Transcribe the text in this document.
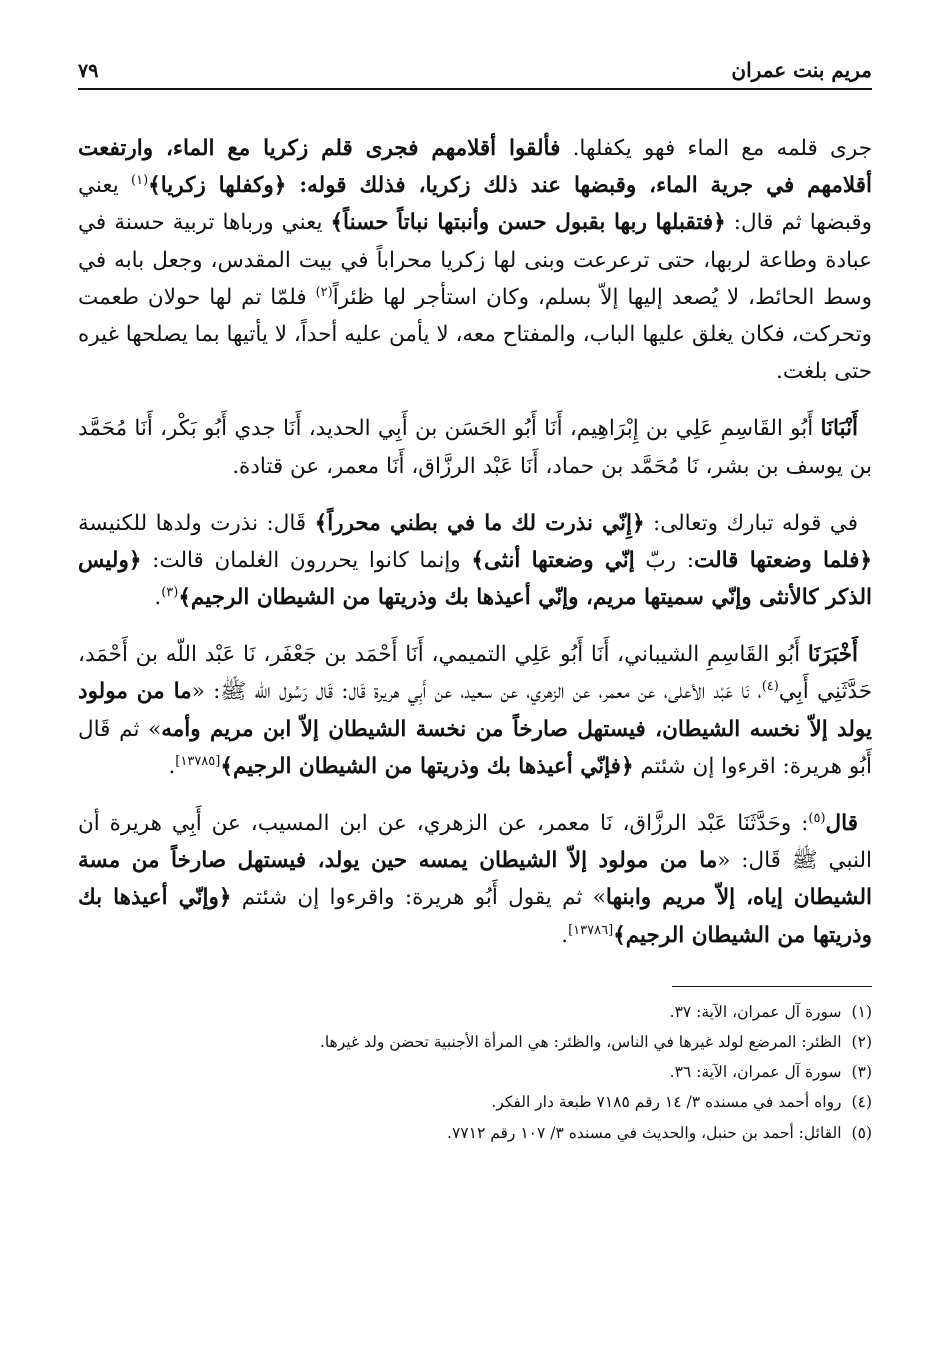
مريم بنت عمران
٧٩

جرى قلمه مع الماء فهو يكفلها. فألقوا أقلامهم فجرى قلم زكريا مع الماء، وارتفعت أقلامهم في جرية الماء، وقبضها عند ذلك زكريا، فذلك قوله: ﴿وكفلها زكريا﴾$^{(١)}$ يعني وقبضها ثم قال: ﴿فتقبلها ربها بقبول حسن وأنبتها نباتاً حسناً﴾ يعني ورباها تربية حسنة في عبادة وطاعة لربها، حتى ترعرعت وبنى لها زكريا محراباً في بيت المقدس، وجعل بابه في وسط الحائط، لا يُصعد إليها إلاّ بسلم، وكان استأجر لها ظئراً$^{(٢)}$ فلمّا تم لها حولان طعمت وتحركت، فكان يغلق عليها الباب، والمفتاح معه، لا يأمن عليه أحداً، لا يأتيها بما يصلحها غيره حتى بلغت.

أَنْبَانَا أَبُو القَاسِمِ عَلِي بن إِبْرَاهِيم، أَنَا أَبُو الحَسَن بن أَبِي الحديد، أَنَا جدي أَبُو بَكْر، أَنَا مُحَمَّد بن يوسف بن بشر، نَا مُحَمَّد بن حماد، أَنَا عَبْد الرزَّاق، أَنَا معمر، عن قتادة.

في قوله تبارك وتعالى: ﴿إِنّي نذرت لك ما في بطني محرراً﴾ قَال: نذرت ولدها للكنيسة ﴿فلما وضعتها قالت: ربّ إنّي وضعتها أنثى﴾ وإنما كانوا يحررون الغلمان قالت: ﴿وليس الذكر كالأنثى وإنّي سميتها مريم، وإنّي أعيذها بك وذريتها من الشيطان الرجيم﴾$^{(٣)}$.

أَخْبَرَنَا أَبُو القَاسِمِ الشيباني، أَنَا أَبُو عَلِي التميمي، أَنَا أَحْمَد بن جَعْفَر، نَا عَبْد اللّه بن أَحْمَد، حَدَّثَنِي أَبِي$^{(٤)}$، نَا عَبْد الأعلى، عن معمر، عن الزهري، عن سعيد، عن أَبِي هريرة قَال: قَال رَسُول اللّه ﷺ: «ما من مولود يولد إلاّ نخسه الشيطان، فيستهل صارخاً من نخسة الشيطان إلاّ ابن مريم وأمه» ثم قَال أَبُو هريرة: اقرءوا إن شئتم ﴿فإنّي أعيذها بك وذريتها من الشيطان الرجيم﴾[١٣٧٨٥].

قال$^{(٥)}$: وحَدَّثَنَا عَبْد الرزَّاق، نَا معمر، عن الزهري، عن ابن المسيب، عن أَبِي هريرة أن النبي ﷺ قَال: «ما من مولود إلاّ الشيطان يمسه حين يولد، فيستهل صارخاً من مسة الشيطان إياه، إلاّ مريم وابنها» ثم يقول أَبُو هريرة: واقرءوا إن شئتم ﴿وإنّي أعيذها بك وذريتها من الشيطان الرجيم﴾[١٣٧٨٦].

(١)
سورة آل عمران، الآية: ٣٧.
(٢)
الظئر: المرضع لولد غيرها في الناس، والظئر: هي المرأة الأجنبية تحضن ولد غيرها.
(٣)
سورة آل عمران، الآية: ٣٦.
(٤)
رواه أحمد في مسنده ٣/ ١٤ رقم ٧١٨٥ طبعة دار الفكر.
(٥)
القائل: أحمد بن حنبل، والحديث في مسنده ٣/ ١٠٧ رقم ٧٧١٢.
